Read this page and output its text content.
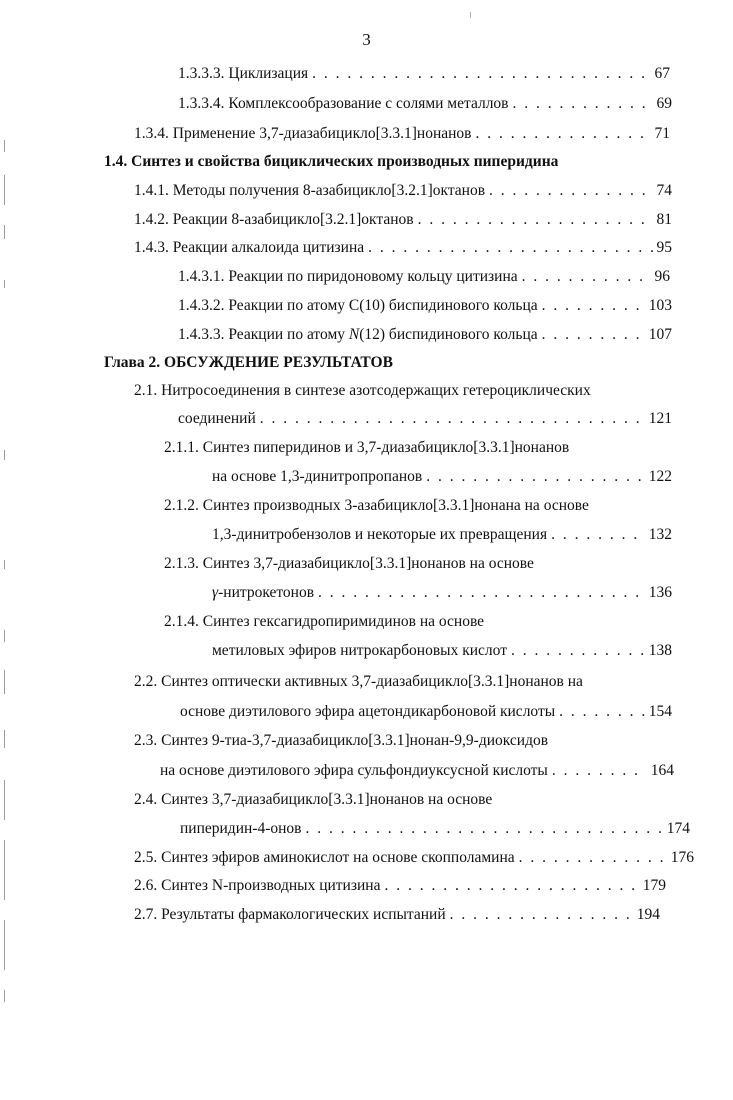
3
1.3.3.3. Циклизация . . .	67
1.3.3.4. Комплексообразование с солями металлов . . .	69
1.3.4. Применение 3,7-диазабицикло[3.3.1]нонанов . . .	71
1.4. Синтез и свойства бициклических производных пиперидина
1.4.1. Методы получения 8-азабицикло[3.2.1]октанов . . .	74
1.4.2. Реакции 8-азабицикло[3.2.1]октанов . . .	81
1.4.3. Реакции алкалоида цитизина . . .	95
1.4.3.1. Реакции по пиридоновому кольцу цитизина . . .	96
1.4.3.2. Реакции по атому C(10) биспидинового кольца . . .	103
1.4.3.3. Реакции по атому N(12) биспидинового кольца . . .	107
Глава 2. ОБСУЖДЕНИЕ РЕЗУЛЬТАТОВ
2.1. Нитросоединения в синтезе азотсодержащих гетероциклических
соединений . . .	121
2.1.1. Синтез пиперидинов и 3,7-диазабицикло[3.3.1]нонанов
на основе 1,3-динитропропанов . . .	122
2.1.2. Синтез производных 3-азабицикло[3.3.1]нонана на основе
1,3-динитробензолов и некоторые их превращения . . .	132
2.1.3. Синтез 3,7-диазабицикло[3.3.1]нонанов на основе
γ-нитрокетонов . . .	136
2.1.4. Синтез гексагидропиримидинов на основе
метиловых эфиров нитрокарбоновых кислот . . .	138
2.2. Синтез оптически активных 3,7-диазабицикло[3.3.1]нонанов на
основе диэтилового эфира ацетондикарбоновой кислоты . . .	154
2.3. Синтез 9-тиа-3,7-диазабицикло[3.3.1]нонан-9,9-диоксидов
на основе диэтилового эфира сульфондиуксусной кислоты . . .	164
2.4. Синтез 3,7-диазабицикло[3.3.1]нонанов на основе
пиперидин-4-онов . . .	174
2.5. Синтез эфиров аминокислот на основе скопполамина . . .	176
2.6. Синтез N-производных цитизина . . .	179
2.7. Результаты фармакологических испытаний . . .	194
